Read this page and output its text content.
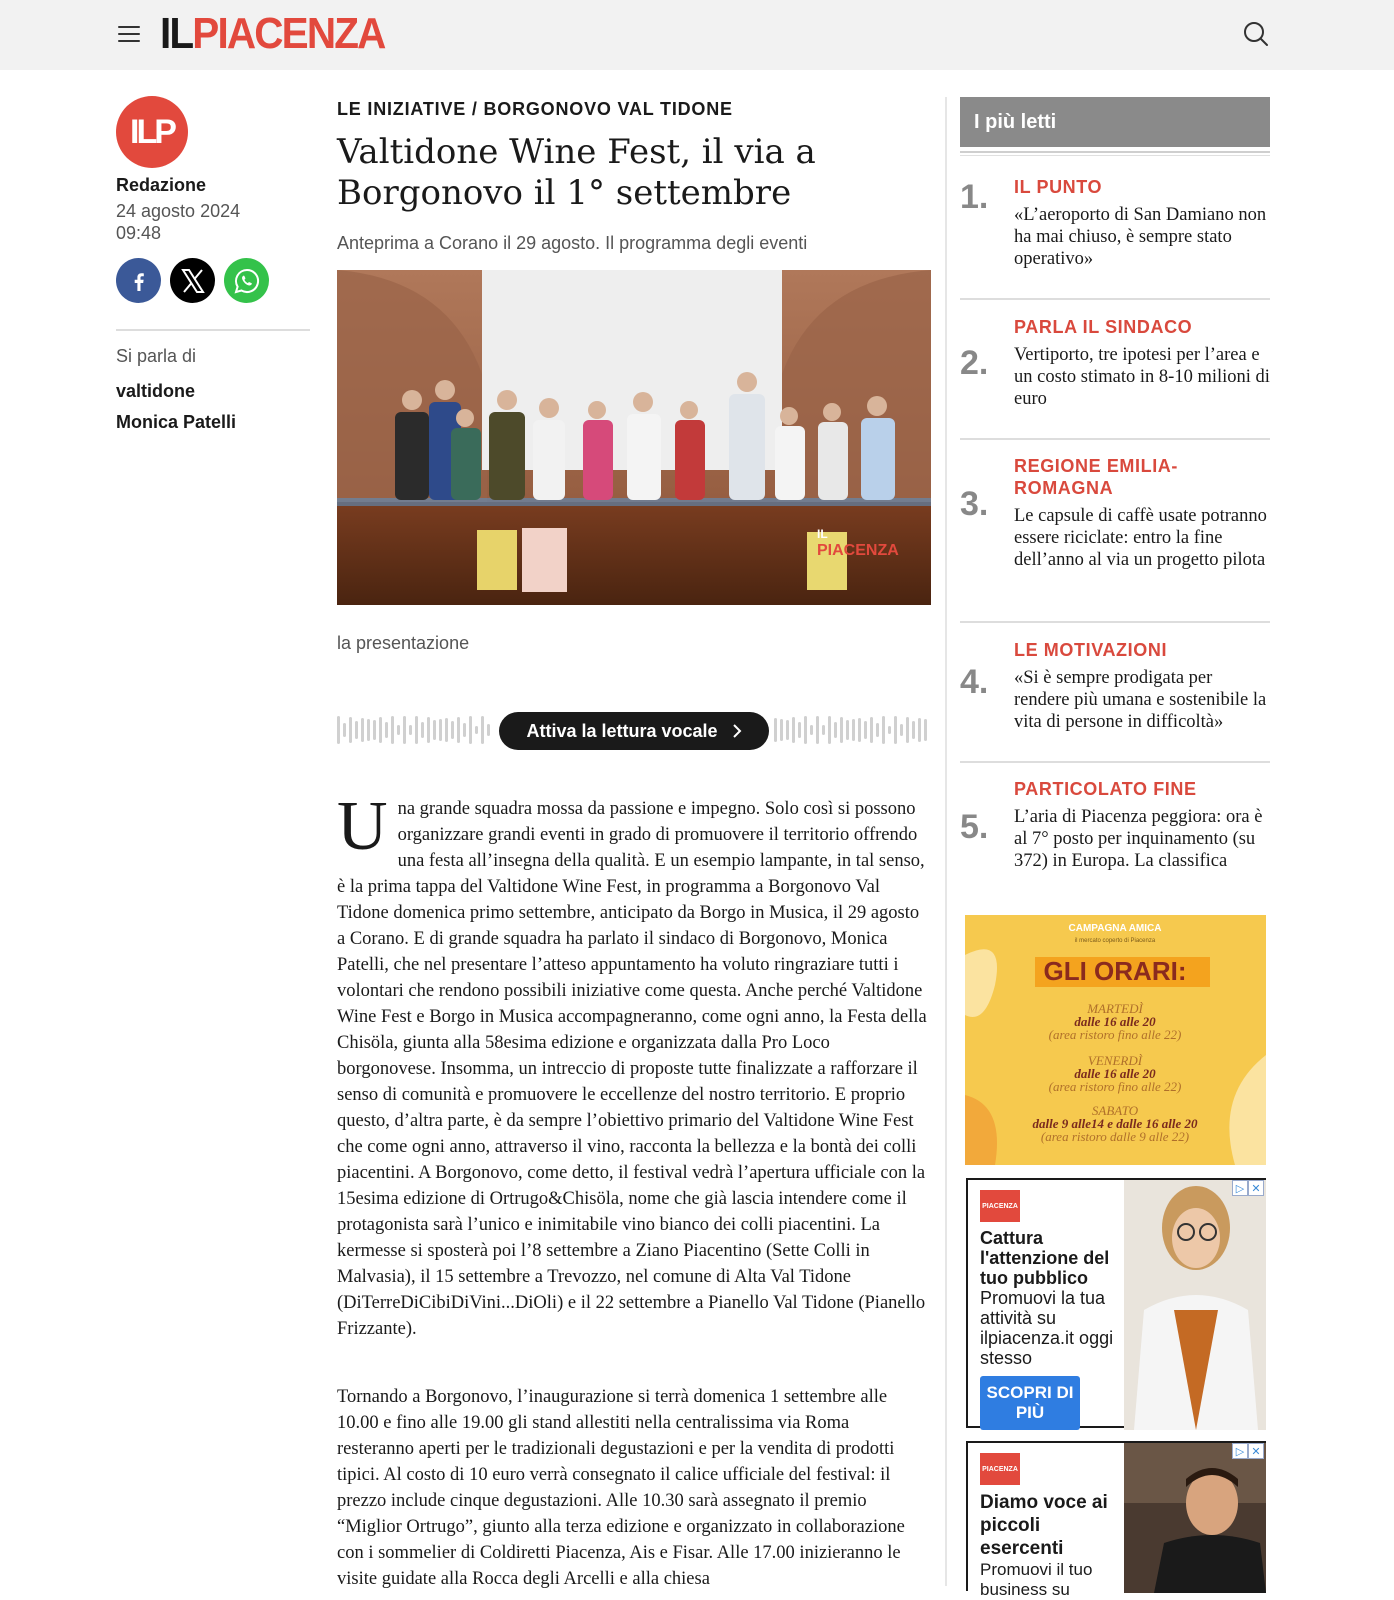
IL PIACENZA
ILP
Redazione
24 agosto 2024
09:48
Si parla di
valtidone
Monica Patelli
LE INIZIATIVE / BORGONOVO VAL TIDONE
Valtidone Wine Fest, il via a Borgonovo il 1° settembre
Anteprima a Corano il 29 agosto. Il programma degli eventi
IL
PIACENZA
la presentazione
Attiva la lettura vocale
Una grande squadra mossa da passione e impegno. Solo così si possono organizzare grandi eventi in grado di promuovere il territorio offrendo una festa all’insegna della qualità. E un esempio lampante, in tal senso, è la prima tappa del Valtidone Wine Fest, in programma a Borgonovo Val Tidone domenica primo settembre, anticipato da Borgo in Musica, il 29 agosto a Corano. E di grande squadra ha parlato il sindaco di Borgonovo, Monica Patelli, che nel presentare l’atteso appuntamento ha voluto ringraziare tutti i volontari che rendono possibili iniziative come questa. Anche perché Valtidone Wine Fest e Borgo in Musica accompagneranno, come ogni anno, la Festa della Chisöla, giunta alla 58esima edizione e organizzata dalla Pro Loco borgonovese. Insomma, un intreccio di proposte tutte finalizzate a rafforzare il senso di comunità e promuovere le eccellenze del nostro territorio. E proprio questo, d’altra parte, è da sempre l’obiettivo primario del Valtidone Wine Fest che come ogni anno, attraverso il vino, racconta la bellezza e la bontà dei colli piacentini. A Borgonovo, come detto, il festival vedrà l’apertura ufficiale con la 15esima edizione di Ortrugo&Chisöla, nome che già lascia intendere come il protagonista sarà l’unico e inimitabile vino bianco dei colli piacentini. La kermesse si sposterà poi l’8 settembre a Ziano Piacentino (Sette Colli in Malvasia), il 15 settembre a Trevozzo, nel comune di Alta Val Tidone (DiTerreDiCibiDiVini...DiOli) e il 22 settembre a Pianello Val Tidone (Pianello Frizzante).
Tornando a Borgonovo, l’inaugurazione si terrà domenica 1 settembre alle 10.00 e fino alle 19.00 gli stand allestiti nella centralissima via Roma resteranno aperti per le tradizionali degustazioni e per la vendita di prodotti tipici. Al costo di 10 euro verrà consegnato il calice ufficiale del festival: il prezzo include cinque degustazioni. Alle 10.30 sarà assegnato il premio “Miglior Ortrugo”, giunto alla terza edizione e organizzato in collaborazione con i sommelier di Coldiretti Piacenza, Ais e Fisar. Alle 17.00 inizieranno le visite guidate alla Rocca degli Arcelli e alla chiesa
I più letti
1. IL PUNTO
«L’aeroporto di San Damiano non ha mai chiuso, è sempre stato operativo»
2.
PARLA IL SINDACO
Vertiporto, tre ipotesi per l’area e un costo stimato in 8-10 milioni di euro
3.
REGIONE EMILIA-ROMAGNA
Le capsule di caffè usate potranno essere riciclate: entro la fine dell’anno al via un progetto pilota
4.
LE MOTIVAZIONI
«Si è sempre prodigata per rendere più umana e sostenibile la vita di persone in difficoltà»
5.
PARTICOLATO FINE
L’aria di Piacenza peggiora: ora è al 7° posto per inquinamento (su 372) in Europa. La classifica
CAMPAGNA AMICA
il mercato coperto di Piacenza
GLI ORARI:
MARTEDÌ
dalle 16 alle 20
(area ristoro fino alle 22)
VENERDÌ
dalle 16 alle 20
(area ristoro fino alle 22)
SABATO
dalle 9 alle14 e dalle 16 alle 20
(area ristoro dalle 9 alle 22)
PIACENZA
Cattura l'attenzione del tuo pubblico
Promuovi la tua attività su ilpiacenza.it oggi stesso
SCOPRI DI PIÙ
▷ ✕
PIACENZA
Diamo voce ai piccoli esercenti
Promuovi il tuo business su
▷ ✕
